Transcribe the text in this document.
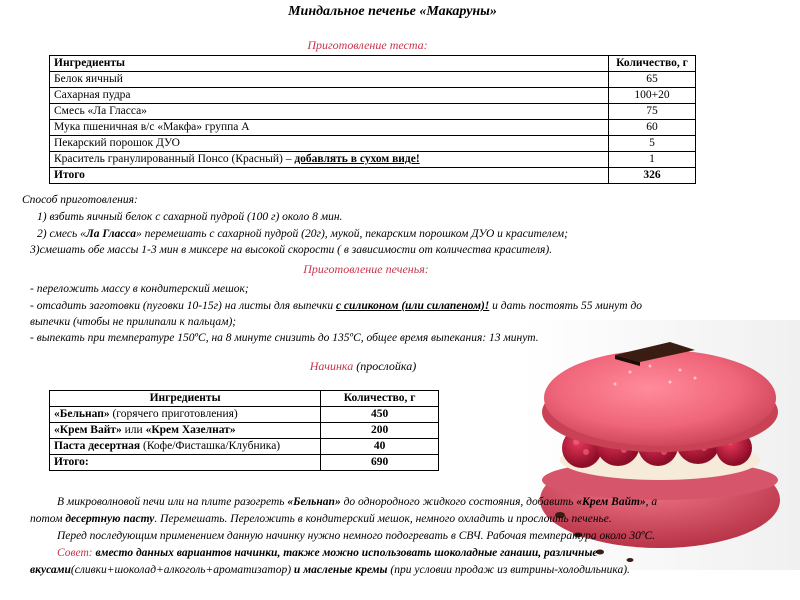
Миндальное печенье «Макаруны»
Приготовление теста:
Ингредиенты	Количество, г
Белок яичный	65
Сахарная пудра	100+20
Смесь «Ла Гласса»	75
Мука пшеничная в/с «Макфа» группа А	60
Пекарский порошок ДУО	5
Краситель гранулированный Понсо (Красный) – добавлять в сухом виде!	1
Итого	326
Способ приготовления:
1) взбить яичный белок с сахарной пудрой (100 г) около 8 мин.
2) смесь «Ла Гласса» перемешать с сахарной пудрой (20г), мукой, пекарским порошком ДУО и красителем;
3)смешать обе массы 1-3 мин в миксере на высокой скорости ( в зависимости от количества красителя).
Приготовление печенья:
- переложить массу в кондитерский мешок;
- отсадить заготовки (пуговки 10-15г) на листы для выпечки с силиконом (или силапеном)! и дать постоять 55 минут до
выпечки (чтобы не прилипали к пальцам);
- выпекать при температуре 150ºС, на 8 минуте снизить до 135ºС, общее время выпекания: 13 минут.
Начинка (прослойка)
Ингредиенты	Количество, г
«Бельнап» (горячего приготовления)	450
«Крем Вайт» или «Крем Хазелнат»	200
Паста десертная (Кофе/Фисташка/Клубника)	40
Итого:	690
В микроволновой печи или на плите разогреть «Бельнап» до однородного жидкого состояния, добавить «Крем Вайт», а
потом десертную пасту. Перемешать. Переложить в кондитерский мешок, немного охладить и прослоить печенье.
Перед последующим применением данную начинку нужно немного подогревать в СВЧ. Рабочая температура около 30ºС.
Совет: вместо данных вариантов начинки, также можно использовать шоколадные ганаши, различные
вкусами(сливки+шоколад+алкоголь+ароматизатор) и масленые кремы (при условии продаж из витрины-холодильника).
